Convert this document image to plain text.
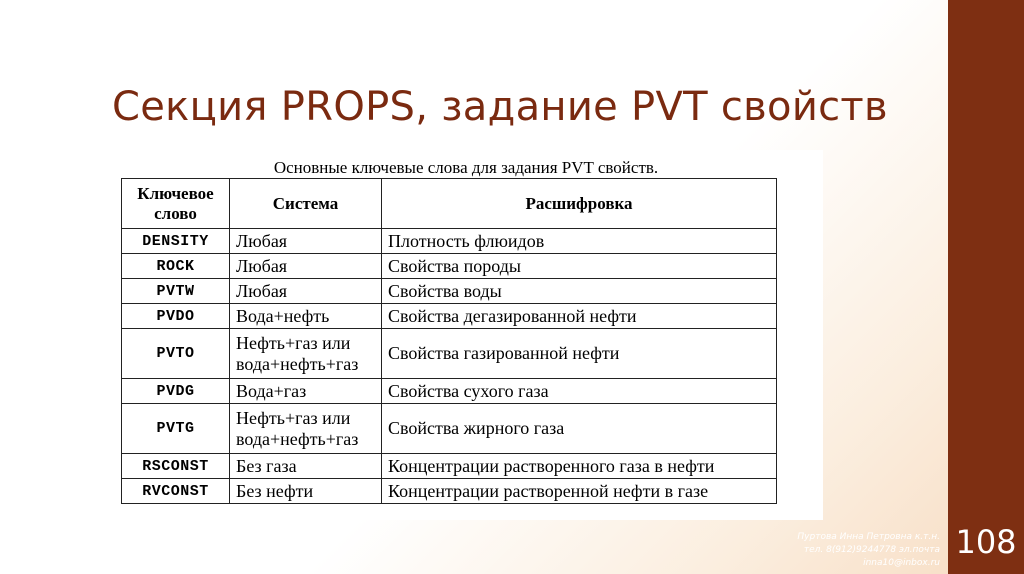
Секция PROPS, задание PVT свойств
Основные ключевые слова для задания PVT свойств.
Ключевое слово	Система	Расшифровка
DENSITY	Любая	Плотность флюидов
ROCK	Любая	Свойства породы
PVTW	Любая	Свойства воды
PVDO	Вода+нефть	Свойства дегазированной нефти
PVTO	Нефть+газ или вода+нефть+газ	Свойства газированной нефти
PVDG	Вода+газ	Свойства сухого газа
PVTG	Нефть+газ или вода+нефть+газ	Свойства жирного газа
RSCONST	Без газа	Концентрации растворенного газа в нефти
RVCONST	Без нефти	Концентрации растворенной нефти в газе
Пуртова Инна Петровна к.т.н.
тел. 8(912)9244778 эл.почта
inna10@inbox.ru
108
